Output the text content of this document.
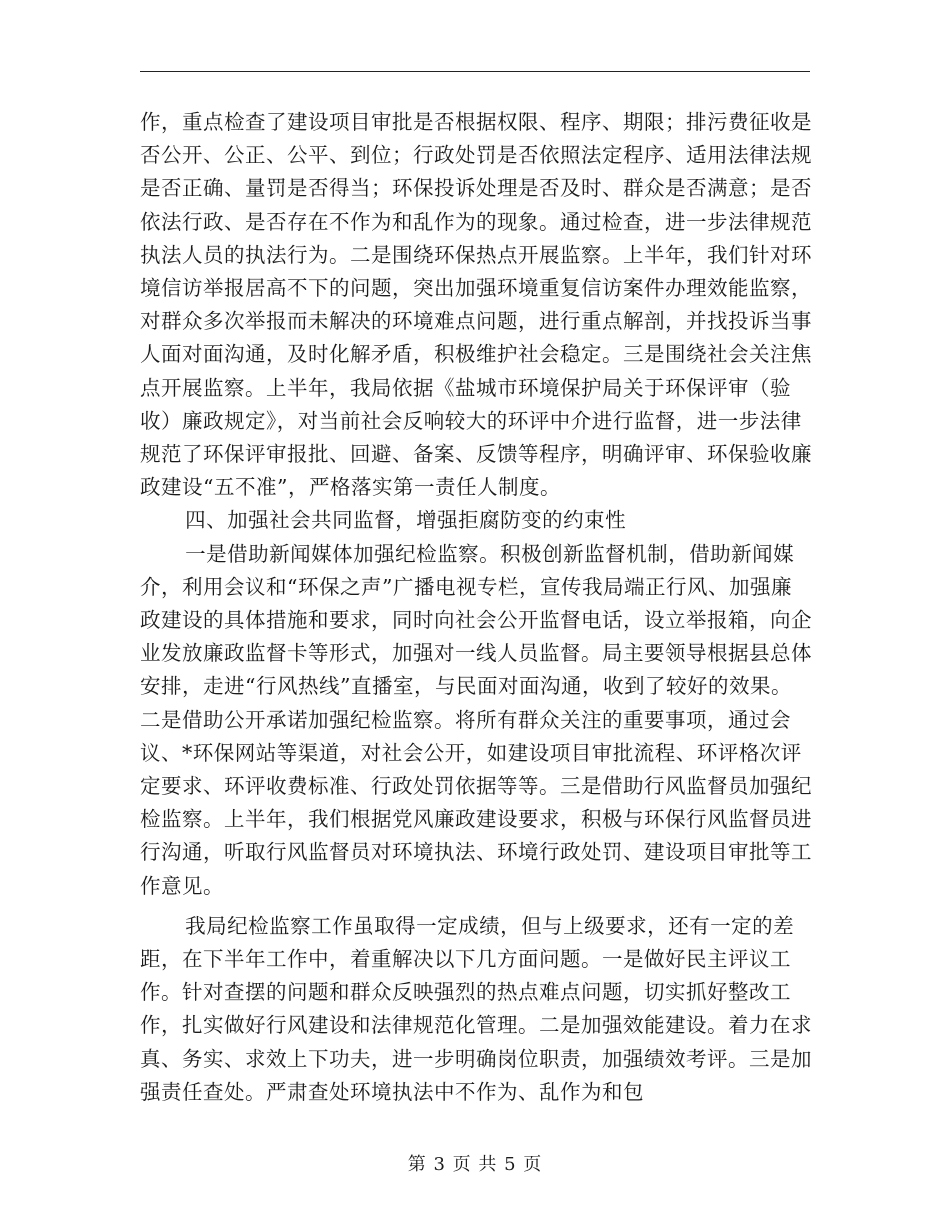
作，重点检查了建设项目审批是否根据权限、程序、期限；排污费征收是否公开、公正、公平、到位；行政处罚是否依照法定程序、适用法律法规是否正确、量罚是否得当；环保投诉处理是否及时、群众是否满意；是否依法行政、是否存在不作为和乱作为的现象。通过检查，进一步法律规范执法人员的执法行为。二是围绕环保热点开展监察。上半年，我们针对环境信访举报居高不下的问题，突出加强环境重复信访案件办理效能监察，对群众多次举报而未解决的环境难点问题，进行重点解剖，并找投诉当事人面对面沟通，及时化解矛盾，积极维护社会稳定。三是围绕社会关注焦点开展监察。上半年，我局依据《盐城市环境保护局关于环保评审（验收）廉政规定》，对当前社会反响较大的环评中介进行监督，进一步法律规范了环保评审报批、回避、备案、反馈等程序，明确评审、环保验收廉政建设“五不准”，严格落实第一责任人制度。

四、加强社会共同监督，增强拒腐防变的约束性

一是借助新闻媒体加强纪检监察。积极创新监督机制，借助新闻媒介，利用会议和“环保之声”广播电视专栏，宣传我局端正行风、加强廉政建设的具体措施和要求，同时向社会公开监督电话，设立举报箱，向企业发放廉政监督卡等形式，加强对一线人员监督。局主要领导根据县总体安排，走进“行风热线”直播室，与民面对面沟通，收到了较好的效果。二是借助公开承诺加强纪检监察。将所有群众关注的重要事项，通过会议、*环保网站等渠道，对社会公开，如建设项目审批流程、环评格次评定要求、环评收费标准、行政处罚依据等等。三是借助行风监督员加强纪检监察。上半年，我们根据党风廉政建设要求，积极与环保行风监督员进行沟通，听取行风监督员对环境执法、环境行政处罚、建设项目审批等工作意见。

我局纪检监察工作虽取得一定成绩，但与上级要求，还有一定的差距，在下半年工作中，着重解决以下几方面问题。一是做好民主评议工作。针对查摆的问题和群众反映强烈的热点难点问题，切实抓好整改工作，扎实做好行风建设和法律规范化管理。二是加强效能建设。着力在求真、务实、求效上下功夫，进一步明确岗位职责，加强绩效考评。三是加强责任查处。严肃查处环境执法中不作为、乱作为和包

第 3 页 共 5 页
